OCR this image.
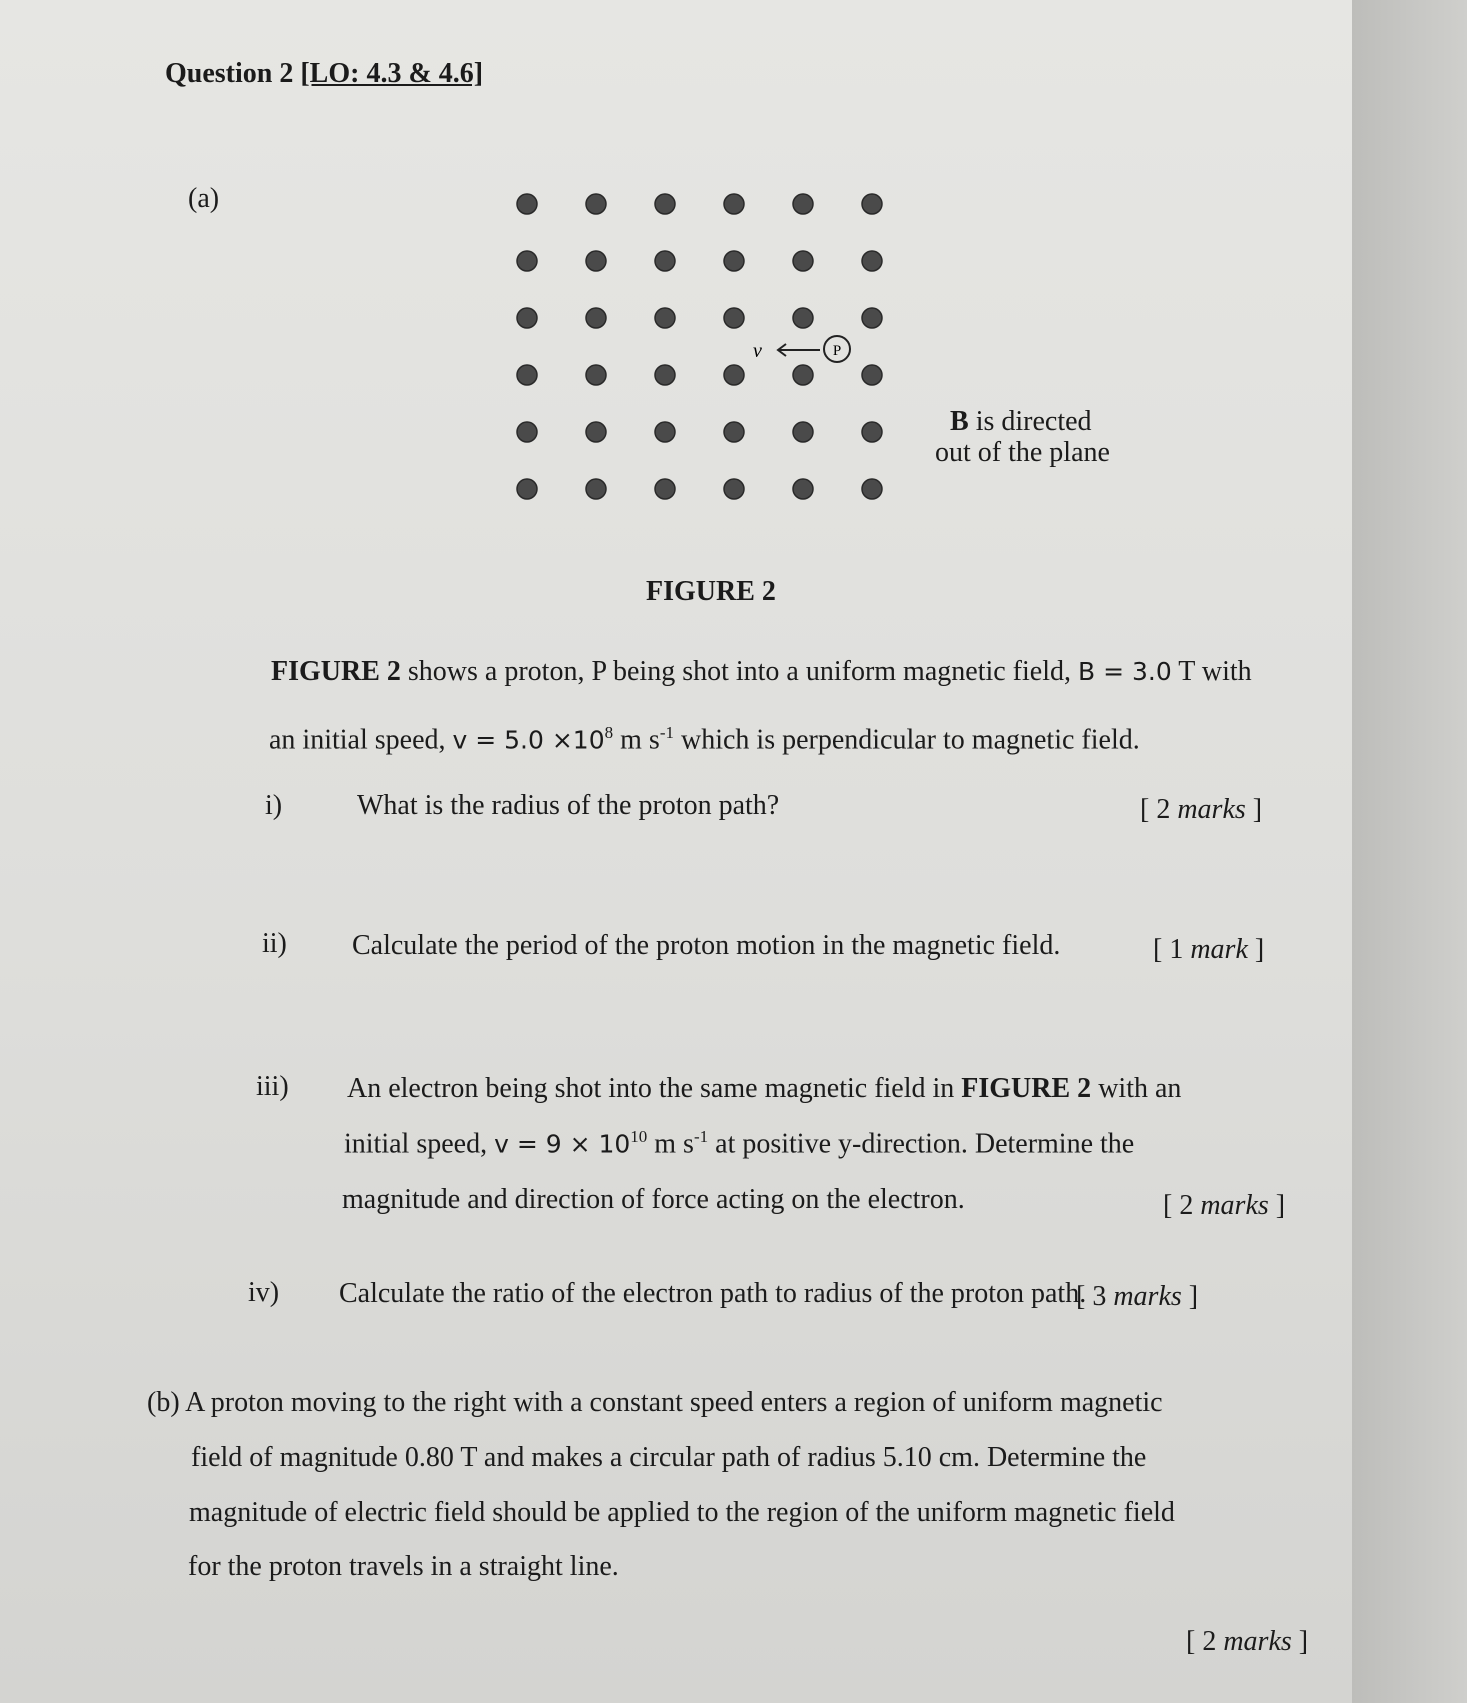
Question 2 [LO: 4.3 & 4.6]
(a)
v	P
B is directed
out of the plane
FIGURE 2
FIGURE 2 shows a proton, P being shot into a uniform magnetic field, B = 3.0 T with
an initial speed, $v = 5.0 \times 10^8$ m $s^{-1}$ which is perpendicular to magnetic field.
i)	What is the radius of the proton path?	[ 2 marks ]
ii) Calculate the period of the proton motion in the magnetic field.	[ 1 mark ]
iii) An electron being shot into the same magnetic field in FIGURE 2 with an
initial speed, $v = 9 \times 10^{10}$ m $s^{-1}$ at positive y-direction. Determine the
magnitude and direction of force acting on the electron.	[ 2 marks ]
iv) Calculate the ratio of the electron path to radius of the proton path.
[ 3 marks ]
(b) A proton moving to the right with a constant speed enters a region of uniform magnetic
field of magnitude 0.80 T and makes a circular path of radius 5.10 cm. Determine the
magnitude of electric field should be applied to the region of the uniform magnetic field
for the proton travels in a straight line.
[ 2 marks ]
